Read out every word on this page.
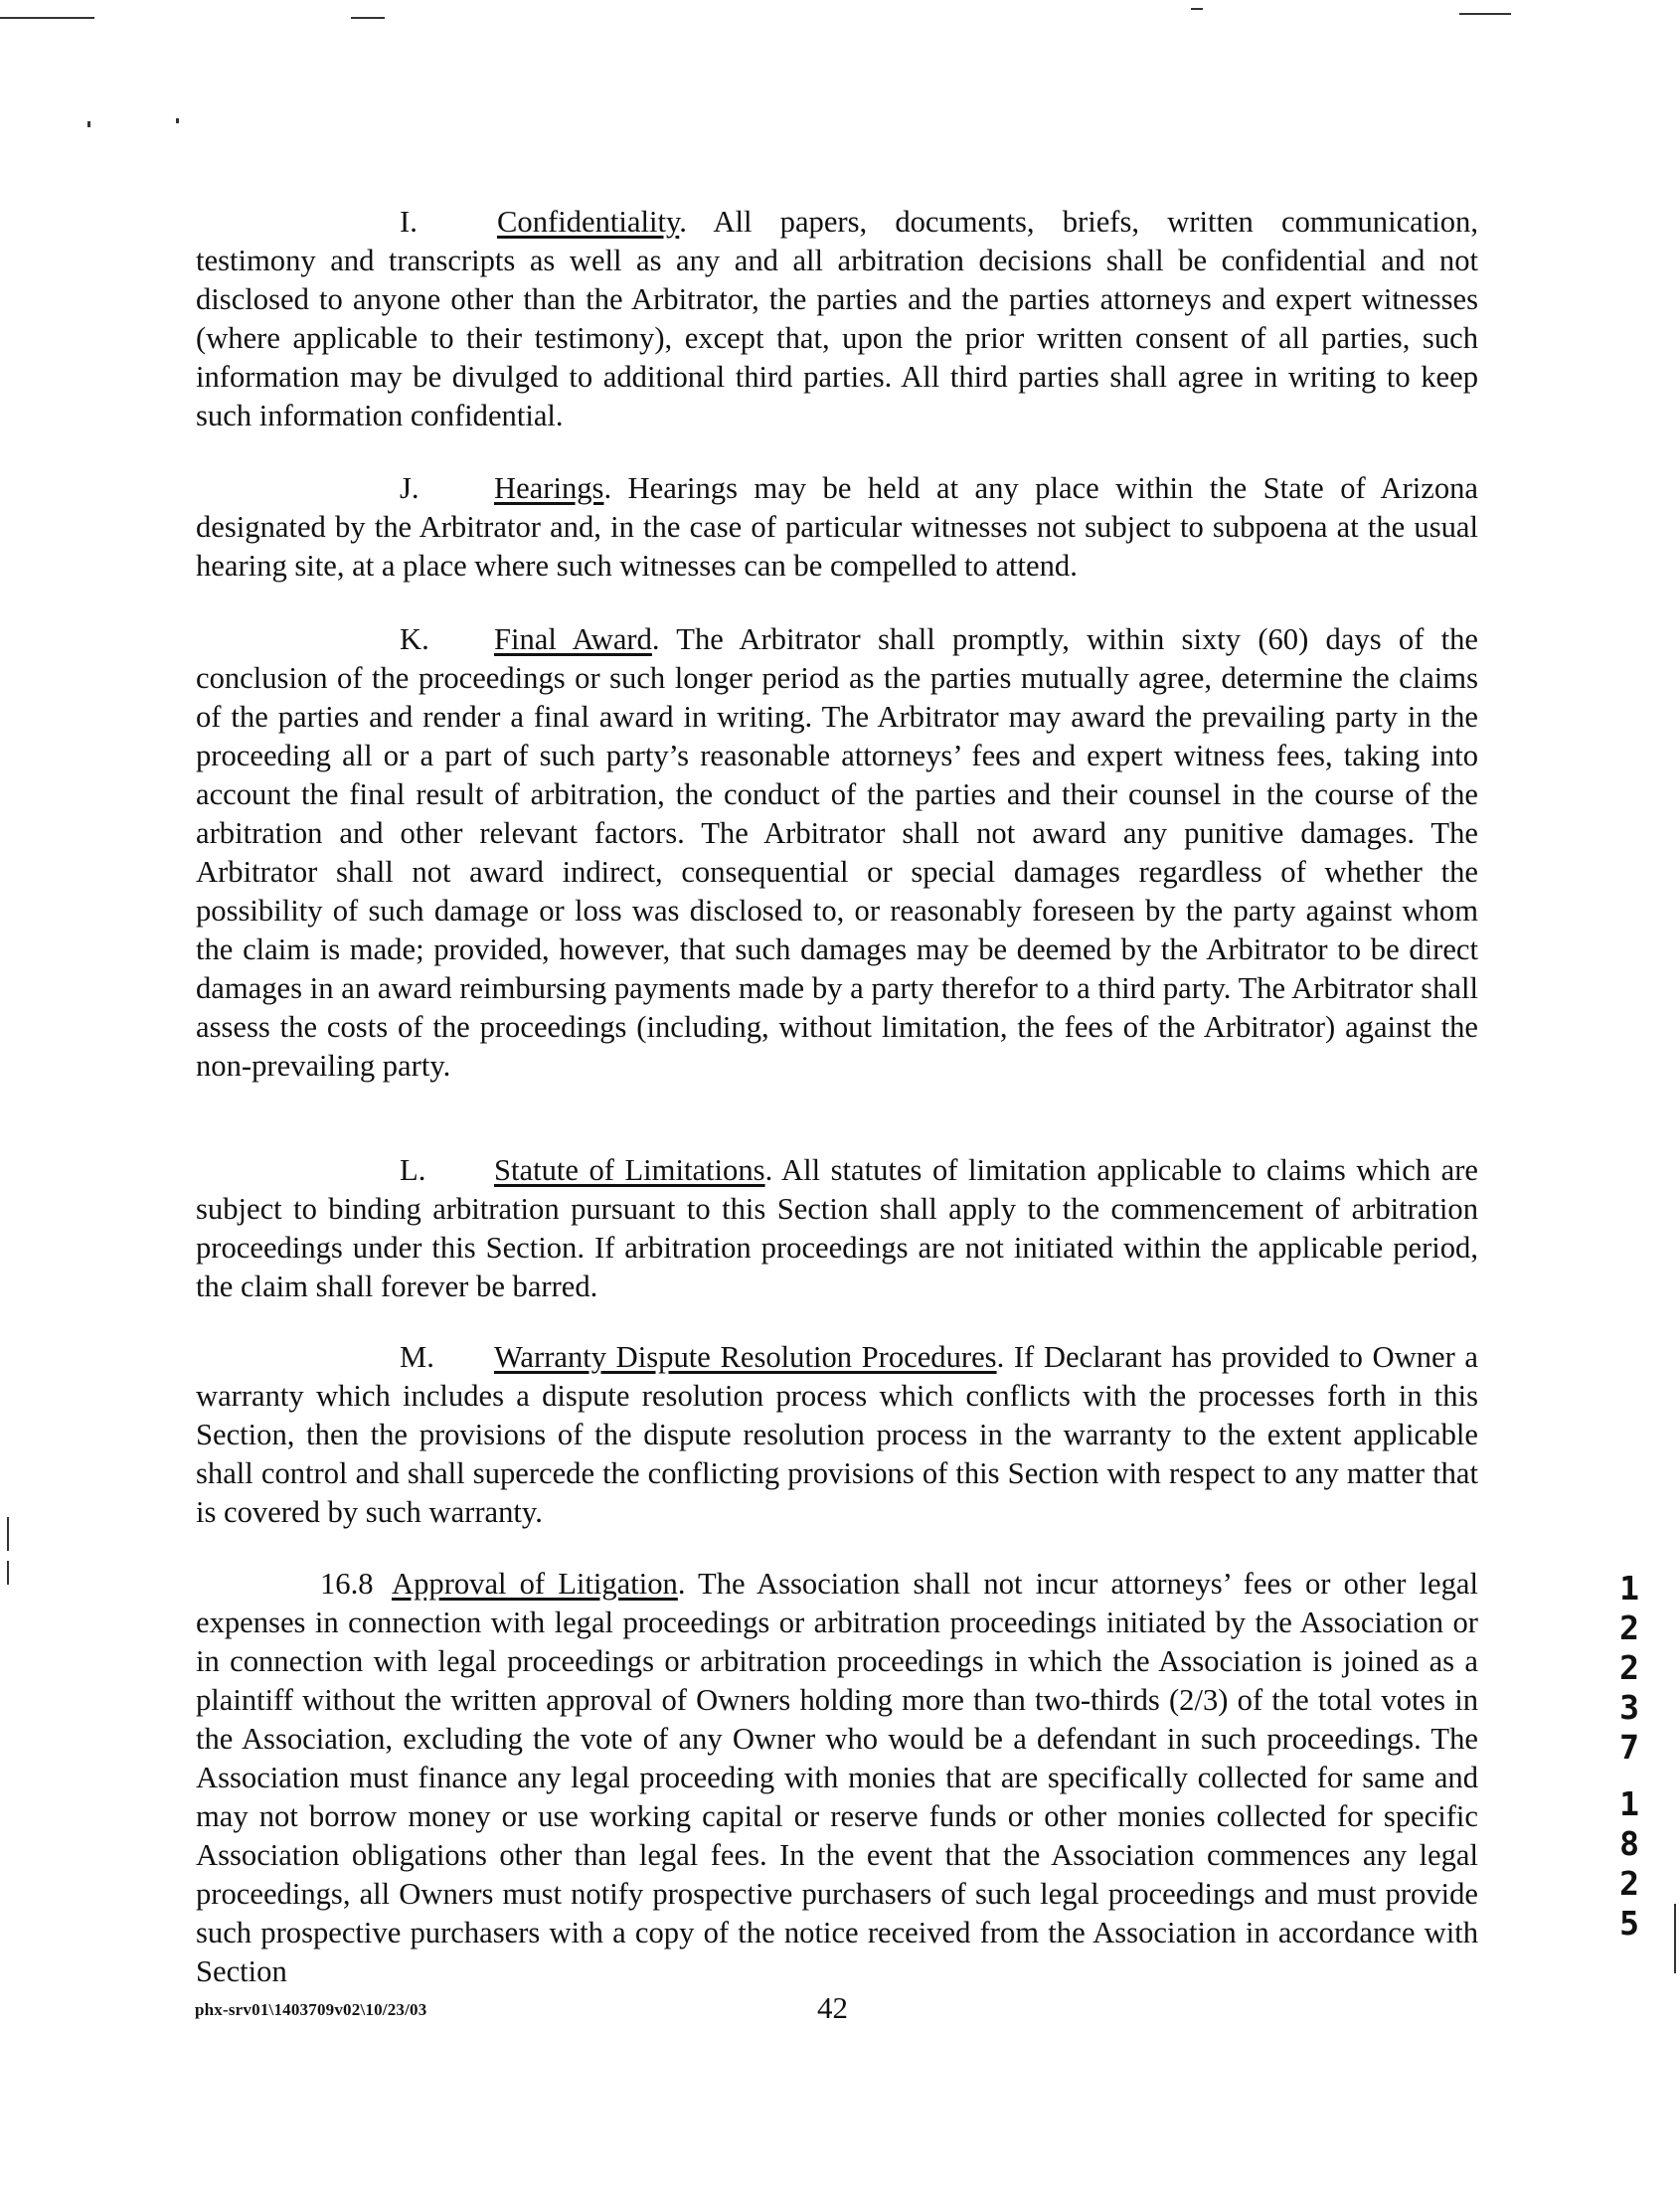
I.	Confidentiality. All papers, documents, briefs, written communication, testimony and transcripts as well as any and all arbitration decisions shall be confidential and not disclosed to anyone other than the Arbitrator, the parties and the parties attorneys and expert witnesses (where applicable to their testimony), except that, upon the prior written consent of all parties, such information may be divulged to additional third parties. All third parties shall agree in writing to keep such information confidential.

J. Hearings. Hearings may be held at any place within the State of Arizona designated by the Arbitrator and, in the case of particular witnesses not subject to subpoena at the usual hearing site, at a place where such witnesses can be compelled to attend.

K. Final Award. The Arbitrator shall promptly, within sixty (60) days of the conclusion of the proceedings or such longer period as the parties mutually agree, determine the claims of the parties and render a final award in writing. The Arbitrator may award the prevailing party in the proceeding all or a part of such party’s reasonable attorneys’ fees and expert witness fees, taking into account the final result of arbitration, the conduct of the parties and their counsel in the course of the arbitration and other relevant factors. The Arbitrator shall not award any punitive damages. The Arbitrator shall not award indirect, consequential or special damages regardless of whether the possibility of such damage or loss was disclosed to, or reasonably foreseen by the party against whom the claim is made; provided, however, that such damages may be deemed by the Arbitrator to be direct damages in an award reimbursing payments made by a party therefor to a third party. The Arbitrator shall assess the costs of the proceedings (including, without limitation, the fees of the Arbitrator) against the non-prevailing party.

L. Statute of Limitations. All statutes of limitation applicable to claims which are subject to binding arbitration pursuant to this Section shall apply to the commencement of arbitration proceedings under this Section. If arbitration proceedings are not initiated within the applicable period, the claim shall forever be barred.

M. Warranty Dispute Resolution Procedures. If Declarant has provided to Owner a warranty which includes a dispute resolution process which conflicts with the processes forth in this Section, then the provisions of the dispute resolution process in the warranty to the extent applicable shall control and shall supercede the conflicting provisions of this Section with respect to any matter that is covered by such warranty.

16.8 Approval of Litigation. The Association shall not incur attorneys’ fees or other legal expenses in connection with legal proceedings or arbitration proceedings initiated by the Association or in connection with legal proceedings or arbitration proceedings in which the Association is joined as a plaintiff without the written approval of Owners holding more than two-thirds (2/3) of the total votes in the Association, excluding the vote of any Owner who would be a defendant in such proceedings. The Association must finance any legal proceeding with monies that are specifically collected for same and may not borrow money or use working capital or reserve funds or other monies collected for specific Association obligations other than legal fees. In the event that the Association commences any legal proceedings, all Owners must notify prospective purchasers of such legal proceedings and must provide such prospective purchasers with a copy of the notice received from the Association in accordance with Section

phx-srv01\1403709v02\10/23/03	42
1
2
2
3
7
1
8
2
5
